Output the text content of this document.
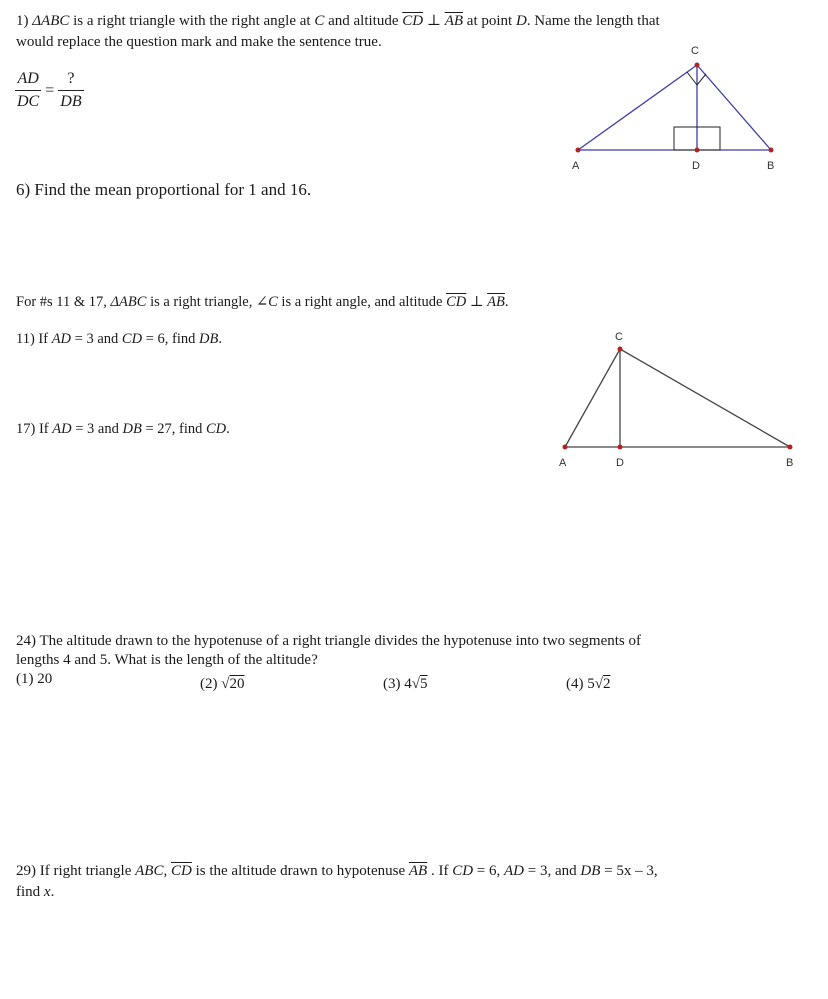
1) ΔABC is a right triangle with the right angle at C and altitude $\overline{CD}$ ⊥ $\overline{AB}$ at point D. Name the length that
would replace the question mark and make the sentence true.
$\frac{AD}{DC} = \frac{?}{DB}$
A	D	B
C
6) Find the mean proportional for 1 and 16.
For #s 11 & 17, ΔABC is a right triangle, ∠C is a right angle, and altitude $\overline{CD}$ ⊥ $\overline{AB}$.
11) If AD = 3 and CD = 6, find DB.
17) If AD = 3 and DB = 27, find CD.
A	D	B
C
24) The altitude drawn to the hypotenuse of a right triangle divides the hypotenuse into two segments of
lengths 4 and 5. What is the length of the altitude?
(1) 20	(2) √20	(3) 4√5	(4) 5√2
29) If right triangle ABC, $\overline{CD}$ is the altitude drawn to hypotenuse $\overline{AB}$ . If CD = 6, AD = 3, and DB = 5x – 3,
find x.
